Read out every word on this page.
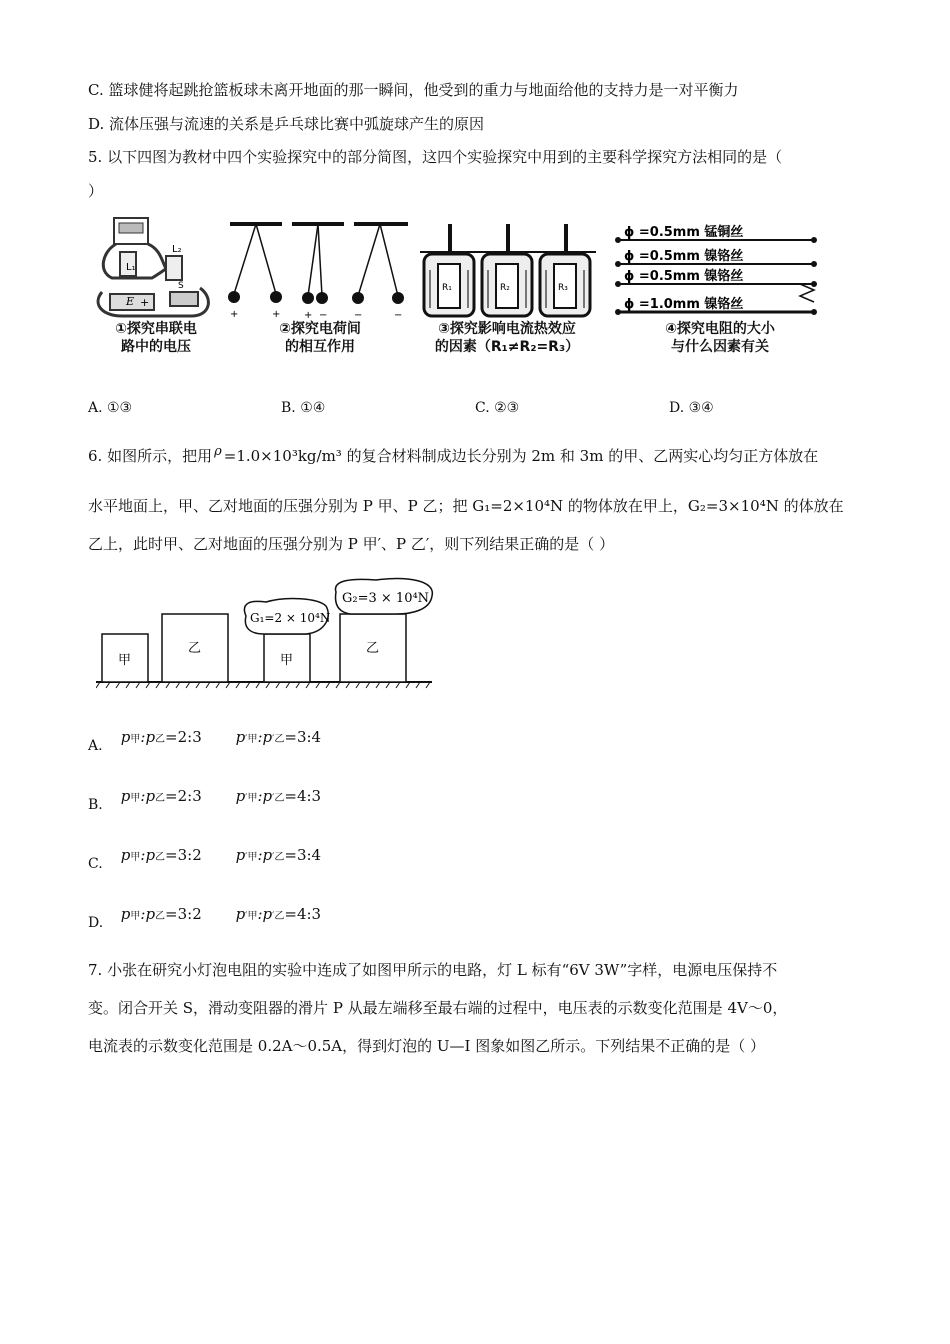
C. 篮球健将起跳抢篮板球未离开地面的那一瞬间，他受到的重力与地面给他的支持力是一对平衡力
D. 流体压强与流速的关系是乒乓球比赛中弧旋球产生的原因
5. 以下四图为教材中四个实验探究中的部分简图，这四个实验探究中用到的主要科学探究方法相同的是（
）
L₁
L₂
E
S
+
①探究串联电
路中的电压
+	+ + −	−	−
②探究电荷间
的相互作用
R₁	R₂	R₃
③探究影响电流热效应
的因素（R₁≠R₂=R₃）
ϕ =0.5mm 锰铜丝
ϕ =0.5mm 镍铬丝
ϕ =0.5mm 镍铬丝
ϕ =1.0mm 镍铬丝
④探究电阻的大小
与什么因素有关
A. ①③	B. ①④	C. ②③	D. ③④
6. 如图所示，把用 ρ =1.0×10³kg/m³ 的复合材料制成边长分别为 2m 和 3m 的甲、乙两实心均匀正方体放在
水平地面上，甲、乙对地面的压强分别为 P 甲、P 乙；把 G₁=2×10⁴N 的物体放在甲上，G₂=3×10⁴N 的体放在
乙上，此时甲、乙对地面的压强分别为 P 甲′、P 乙′，则下列结果正确的是（ ）
甲
乙
甲
乙
G₁=2 × 10⁴N
G₂=3 × 10⁴N
A. p甲:p乙=2:3 p′甲:p′乙=3:4
B. p甲:p乙=2:3 p′甲:p′乙=4:3
C. p甲:p乙=3:2 p′甲:p′乙=3:4
D. p甲:p乙=3:2 p′甲:p′乙=4:3
7. 小张在研究小灯泡电阻的实验中连成了如图甲所示的电路，灯 L 标有“6V 3W”字样，电源电压保持不
变。闭合开关 S，滑动变阻器的滑片 P 从最左端移至最右端的过程中，电压表的示数变化范围是 4V～0，
电流表的示数变化范围是 0.2A～0.5A，得到灯泡的 U—I 图象如图乙所示。下列结果不正确的是（ ）
